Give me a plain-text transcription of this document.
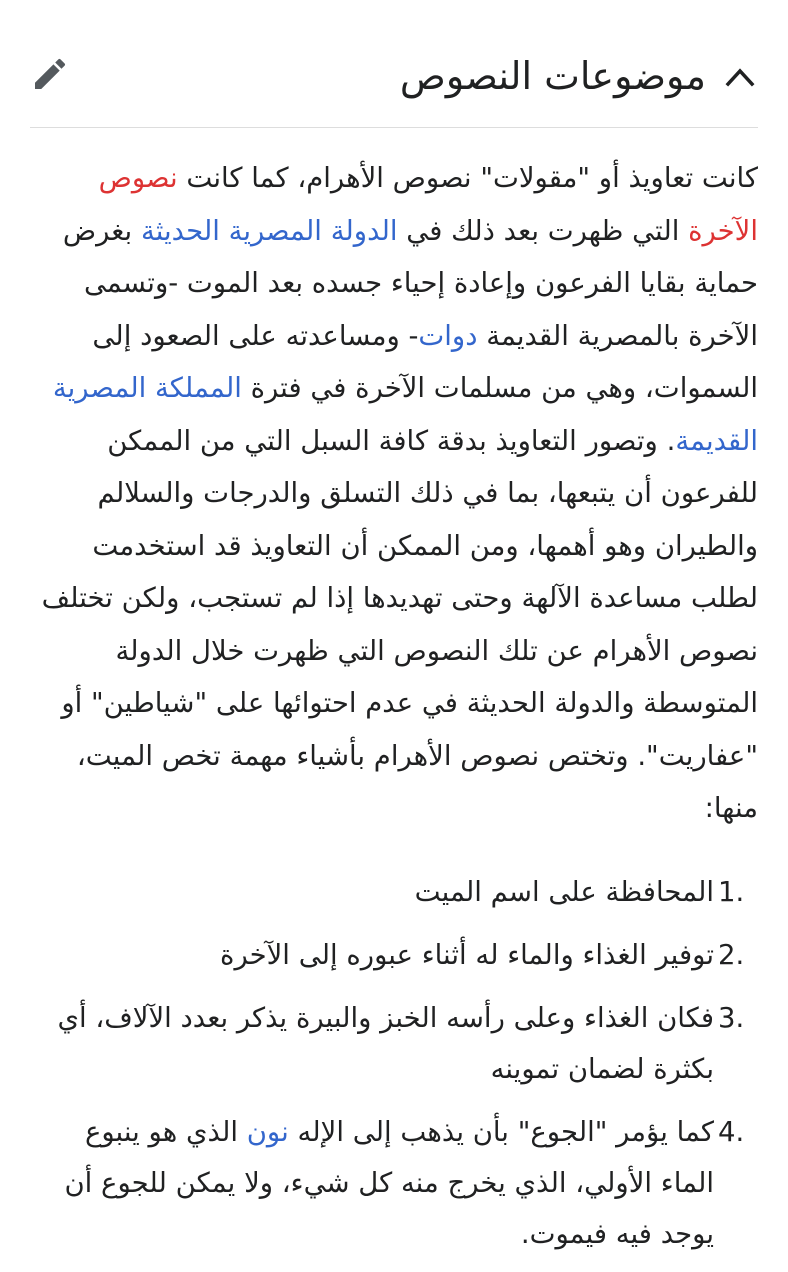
موضوعات النصوص

كانت تعاويذ أو "مقولات" نصوص الأهرام، كما كانت نصوص الآخرة التي ظهرت بعد ذلك في الدولة المصرية الحديثة بغرض حماية بقايا الفرعون وإعادة إحياء جسده بعد الموت -وتسمى الآخرة بالمصرية القديمة دوات- ومساعدته على الصعود إلى السموات، وهي من مسلمات الآخرة في فترة المملكة المصرية القديمة. وتصور التعاويذ بدقة كافة السبل التي من الممكن للفرعون أن يتبعها، بما في ذلك التسلق والدرجات والسلالم والطيران وهو أهمها، ومن الممكن أن التعاويذ قد استخدمت لطلب مساعدة الآلهة وحتى تهديدها إذا لم تستجب، ولكن تختلف نصوص الأهرام عن تلك النصوص التي ظهرت خلال الدولة المتوسطة والدولة الحديثة في عدم احتوائها على "شياطين" أو "عفاريت". وتختص نصوص الأهرام بأشياء مهمة تخص الميت، منها:

1.
المحافظة على اسم الميت
2.
توفير الغذاء والماء له أثناء عبوره إلى الآخرة
3.
فكان الغذاء وعلى رأسه الخبز والبيرة يذكر بعدد الآلاف، أي بكثرة لضمان تموينه
4.
كما يؤمر "الجوع" بأن يذهب إلى الإله نون الذي هو ينبوع الماء الأولي، الذي يخرج منه كل شيء، ولا يمكن للجوع أن يوجد فيه فيموت.
